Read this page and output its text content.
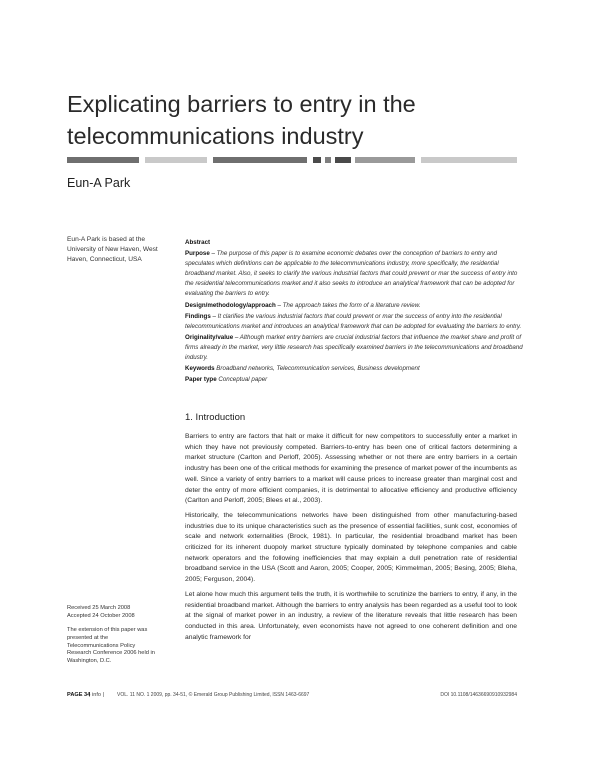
Explicating barriers to entry in the telecommunications industry
Eun-A Park
Eun-A Park is based at the University of New Haven, West Haven, Connecticut, USA
Abstract

Purpose – The purpose of this paper is to examine economic debates over the conception of barriers to entry and speculates which definitions can be applicable to the telecommunications industry, more specifically, the residential broadband market. Also, it seeks to clarify the various industrial factors that could prevent or mar the success of entry into the residential telecommunications market and it also seeks to introduce an analytical framework that can be adopted for evaluating the barriers to entry.

Design/methodology/approach – The approach takes the form of a literature review.

Findings – It clarifies the various industrial factors that could prevent or mar the success of entry into the residential telecommunications market and introduces an analytical framework that can be adopted for evaluating the barriers to entry.

Originality/value – Although market entry barriers are crucial industrial factors that influence the market share and profit of firms already in the market, very little research has specifically examined barriers in the telecommunications and broadband industry.

Keywords Broadband networks, Telecommunication services, Business development

Paper type Conceptual paper

1. Introduction

Barriers to entry are factors that halt or make it difficult for new competitors to successfully enter a market in which they have not previously competed. Barriers-to-entry has been one of critical factors determining a market structure (Carlton and Perloff, 2005). Assessing whether or not there are entry barriers in a certain industry has been one of the critical methods for examining the presence of market power of the incumbents as well. Since a variety of entry barriers to a market will cause prices to increase greater than marginal cost and deter the entry of more efficient companies, it is detrimental to allocative efficiency and productive efficiency (Carlton and Perloff, 2005; Blees et al., 2003).

Historically, the telecommunications networks have been distinguished from other manufacturing-based industries due to its unique characteristics such as the presence of essential facilities, sunk cost, economies of scale and network externalities (Brock, 1981). In particular, the residential broadband market has been criticized for its inherent duopoly market structure typically dominated by telephone companies and cable network operators and the following inefficiencies that may explain a dull penetration rate of residential broadband service in the USA (Scott and Aaron, 2005; Cooper, 2005; Kimmelman, 2005; Besing, 2005; Bleha, 2005; Ferguson, 2004).

Let alone how much this argument tells the truth, it is worthwhile to scrutinize the barriers to entry, if any, in the residential broadband market. Although the barriers to entry analysis has been regarded as a useful tool to look at the signal of market power in an industry, a review of the literature reveals that little research has been conducted in this area. Unfortunately, even economists have not agreed to one coherent definition and one analytic framework for

Received 25 March 2008

Accepted 24 October 2008

The extension of this paper was presented at the Telecommunications Policy Research Conference 2006 held in Washington, D.C.
PAGE 34
| info |	VOL. 11 NO. 1 2009, pp. 34-51, © Emerald Group Publishing Limited, ISSN 1463-6697	DOI 10.1108/14636690910932984
